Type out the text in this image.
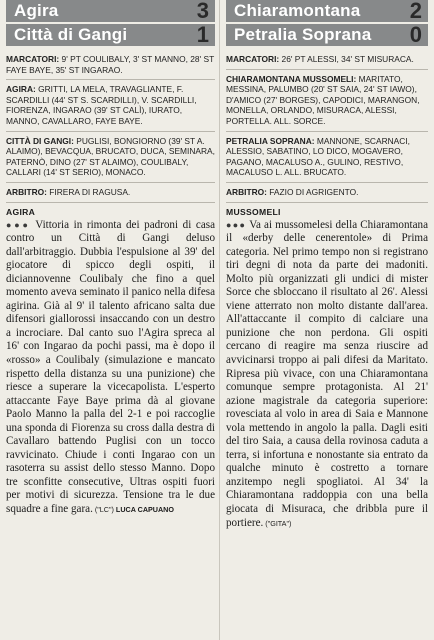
Agira	3
Città di Gangi	1

MARCATORI: 9' PT COULIBALY, 3' ST MANNO, 28' ST FAYE BAYE, 35' ST INGARAO.

AGIRA: GRITTI, LA MELA, TRAVAGLIANTE, F. SCARDILLI (44' ST S. SCARDILLI), V. SCARDILLI, FIORENZA, INGARAO (39' ST CALÌ), IURATO, MANNO, CAVALLARO, FAYE BAYE.

CITTÀ DI GANGI: PUGLISI, BONGIORNO (39' ST A. ALAIMO), BEVACQUA, BRUCATO, DUCA, SEMINARA, PATERNÒ, DINO (27' ST ALAIMO), COULIBALY, CALLARI (14' ST SERIO), MONACO.

ARBITRO: FIRERA DI RAGUSA.

AGIRA

●●● Vittoria in rimonta dei padroni di casa contro un Città di Gangi deluso dall'arbitraggio. Dubbia l'espulsione al 39' del giocatore di spicco degli ospiti, il diciannovenne Coulibaly che fino a quel momento aveva seminato il panico nella difesa agirina. Già al 9' il talento africano salta due difensori giallorossi insaccando con un destro a incrociare. Dal canto suo l'Agira spreca al 16' con Ingarao da pochi passi, ma è dopo il «rosso» a Coulibaly (simulazione e mancato rispetto della distanza su una punizione) che riesce a superare la vicecapolista. L'esperto attaccante Faye Baye prima dà al giovane Paolo Manno la palla del 2-1 e poi raccoglie una sponda di Fiorenza su cross dalla destra di Cavallaro battendo Puglisi con un tocco ravvicinato. Chiude i conti Ingarao con un rasoterra su assist dello stesso Manno. Dopo tre sconfitte consecutive, Ultras ospiti fuori per motivi di sicurezza. Tensione tra le due squadre a fine gara. ("LC") LUCA CAPUANO

Chiaramontana 2
Petralia Soprana 0

MARCATORI: 26' PT ALESSI, 34' ST MISURACA.

CHIARAMONTANA MUSSOMELI: MARITATO, MESSINA, PALUMBO (20' ST SAIA, 24' ST IAWO), D'AMICO (27' BORGES), CAPODICI, MARANGON, MONELLA, ORLANDO, MISURACA, ALESSI, PORTELLA. ALL. SORCE.

PETRALIA SOPRANA: MANNONE, SCARNACI, ALESSIO, SABATINO, LO DICO, MOGAVERO, PAGANO, MACALUSO A., GULINO, RESTIVO, MACALUSO L. ALL. BRUCATO.

ARBITRO: FAZIO DI AGRIGENTO.

MUSSOMELI

●●● Va ai mussomelesi della Chiaramontana il «derby delle cenerentole» di Prima categoria. Nel primo tempo non si registrano tiri degni di nota da parte dei madoniti. Molto più organizzati gli undici di mister Sorce che sbloccano il risultato al 26'. Alessi viene atterrato non molto distante dall'area. All'attaccante il compito di calciare una punizione che non perdona. Gli ospiti cercano di reagire ma senza riuscire ad avvicinarsi troppo ai pali difesi da Maritato. Ripresa più vivace, con una Chiaramontana comunque sempre protagonista. Al 21' azione magistrale da categoria superiore: rovesciata al volo in area di Saia e Mannone vola mettendo in angolo la palla. Dagli esiti del tiro Saia, a causa della rovinosa caduta a terra, si infortuna e nonostante sia entrato da qualche minuto è costretto a tornare anzitempo negli spogliatoi. Al 34' la Chiaramontana raddoppia con una bella giocata di Misuraca, che dribbla pure il portiere. ("GITA")
